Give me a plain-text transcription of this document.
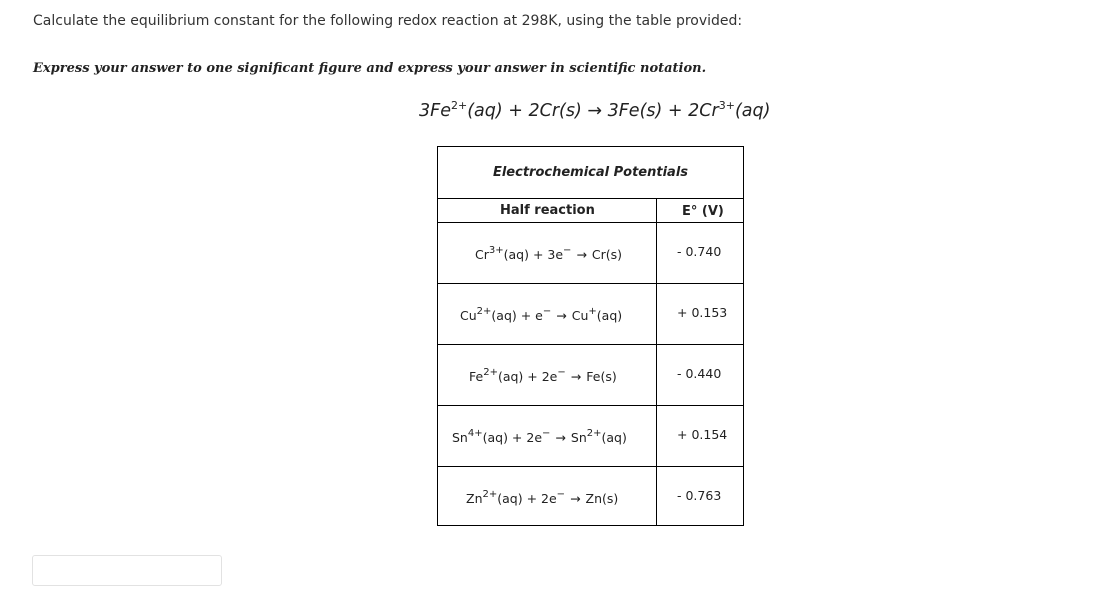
Calculate the equilibrium constant for the following redox reaction at 298K, using the table provided:
Express your answer to one significant figure and express your answer in scientific notation.
$3Fe^{2+}(aq) + 2Cr(s) \to 3Fe(s) + 2Cr^{3+}(aq)$
Electrochemical Potentials
Half reaction	E° (V)
$Cr^{3+}(aq) + 3e^- \to Cr(s)$	- 0.740
$Cu^{2+}(aq) + e^- \to Cu^+(aq)$	+ 0.153
$Fe^{2+}(aq) + 2e^- \to Fe(s)$	- 0.440
$Sn^{4+}(aq) + 2e^- \to Sn^{2+}(aq)$	+ 0.154
$Zn^{2+}(aq) + 2e^- \to Zn(s)$	- 0.763
